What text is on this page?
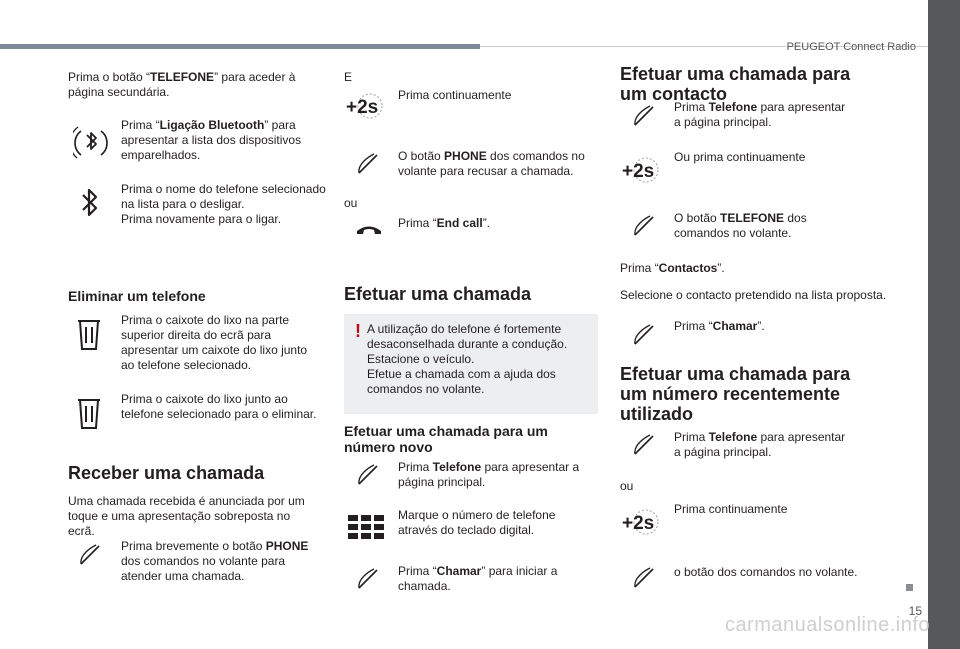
PEUGEOT Connect Radio
15
carmanualsonline.info

Prima o botão “TELEFONE” para aceder à página secundária.

Prima “Ligação Bluetooth” para apresentar a lista dos dispositivos emparelhados.

Prima o nome do telefone selecionado

na lista para o desligar.

Prima novamente para o ligar.

Eliminar um telefone

Prima o caixote do lixo na parte superior direita do ecrã para apresentar um caixote do lixo junto ao telefone selecionado.

Prima o caixote do lixo junto ao telefone selecionado para o eliminar.

Receber uma chamada

Uma chamada recebida é anunciada por um toque e uma apresentação sobreposta no ecrã.

Prima brevemente o botão PHONE dos comandos no volante para atender uma chamada.

E

+2s

Prima continuamente

O botão PHONE dos comandos no volante para recusar a chamada.

ou

Prima “End call”.

Efetuar uma chamada

! A utilização do telefone é fortemente desaconselhada durante a condução.

Estacione o veículo.

Efetue a chamada com a ajuda dos comandos no volante.

Efetuar uma chamada para um número novo

Prima Telefone para apresentar a página principal.

Marque o número de telefone através do teclado digital.

Prima “Chamar” para iniciar a chamada.

Efetuar uma chamada para um contacto

Prima Telefone para apresentar a página principal.

+2s

Ou prima continuamente

O botão TELEFONE dos comandos no volante.

Prima “Contactos”.

Selecione o contacto pretendido na lista proposta.

Prima “Chamar”.

Efetuar uma chamada para um número recentemente utilizado

Prima Telefone para apresentar a página principal.

ou

+2s

Prima continuamente

o botão dos comandos no volante.
